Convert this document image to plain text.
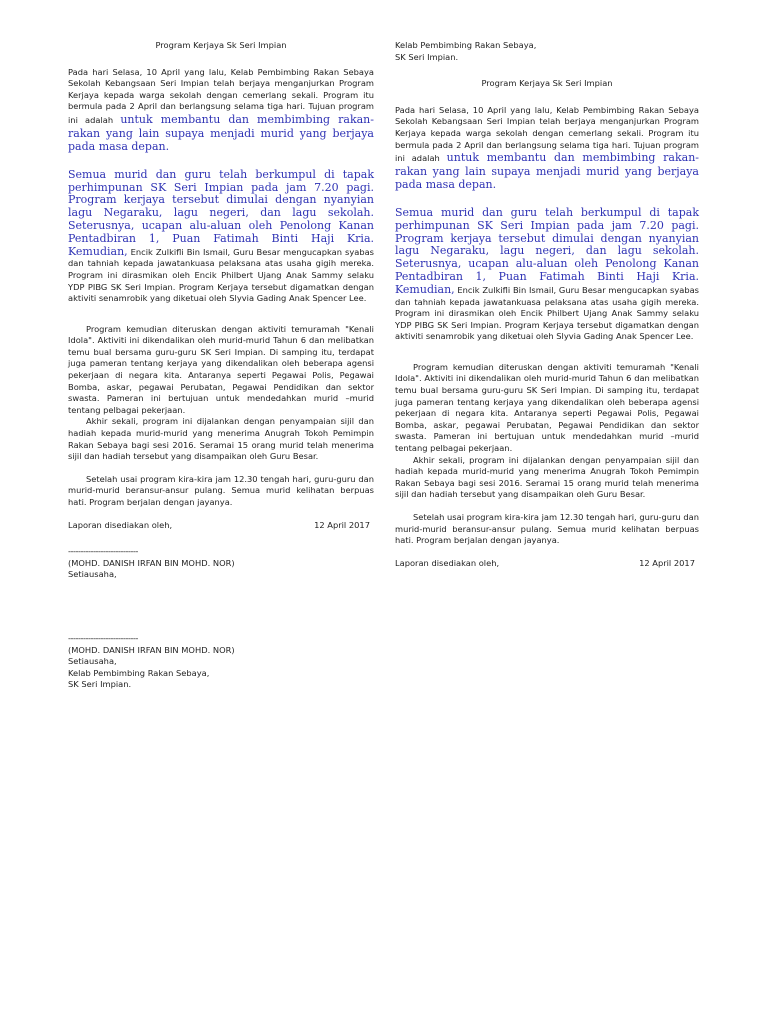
Program Kerjaya Sk Seri Impian

Pada hari Selasa, 10 April yang lalu, Kelab Pembimbing Rakan Sebaya Sekolah Kebangsaan Seri Impian telah berjaya menganjurkan Program Kerjaya kepada warga sekolah dengan cemerlang sekali. Program itu bermula pada 2 April dan berlangsung selama tiga hari. Tujuan program ini adalah untuk membantu dan membimbing rakan-rakan yang lain supaya menjadi murid yang berjaya pada masa depan.

Semua murid dan guru telah berkumpul di tapak perhimpunan SK Seri Impian pada jam 7.20 pagi. Program kerjaya tersebut dimulai dengan nyanyian lagu Negaraku, lagu negeri, dan lagu sekolah. Seterusnya, ucapan alu-aluan oleh Penolong Kanan Pentadbiran 1, Puan Fatimah Binti Haji Kria. Kemudian, Encik Zulkifli Bin Ismail, Guru Besar mengucapkan syabas dan tahniah kepada jawatankuasa pelaksana atas usaha gigih mereka. Program ini dirasmikan oleh Encik Philbert Ujang Anak Sammy selaku YDP PIBG SK Seri Impian. Program Kerjaya tersebut digamatkan dengan aktiviti senamrobik yang diketuai oleh Slyvia Gading Anak Spencer Lee.

Program kemudian diteruskan dengan aktiviti temuramah "Kenali Idola". Aktiviti ini dikendalikan oleh murid-murid Tahun 6 dan melibatkan temu bual bersama guru-guru SK Seri Impian. Di samping itu, terdapat juga pameran tentang kerjaya yang dikendalikan oleh beberapa agensi pekerjaan di negara kita. Antaranya seperti Pegawai Polis, Pegawai Bomba, askar, pegawai Perubatan, Pegawai Pendidikan dan sektor swasta. Pameran ini bertujuan untuk mendedahkan murid –murid tentang pelbagai pekerjaan.

Akhir sekali, program ini dijalankan dengan penyampaian sijil dan hadiah kepada murid-murid yang menerima Anugrah Tokoh Pemimpin Rakan Sebaya bagi sesi 2016. Seramai 15 orang murid telah menerima sijil dan hadiah tersebut yang disampaikan oleh Guru Besar.

Setelah usai program kira-kira jam 12.30 tengah hari, guru-guru dan murid-murid beransur-ansur pulang. Semua murid kelihatan berpuas hati. Program berjalan dengan jayanya.

Laporan disediakan oleh,	12 April 2017

----------------------------

(MOHD. DANISH IRFAN BIN MOHD. NOR)

Setiausaha,

----------------------------

(MOHD. DANISH IRFAN BIN MOHD. NOR)

Setiausaha,

Kelab Pembimbing Rakan Sebaya,

SK Seri Impian.

Kelab Pembimbing Rakan Sebaya,

SK Seri Impian.

Program Kerjaya Sk Seri Impian

Pada hari Selasa, 10 April yang lalu, Kelab Pembimbing Rakan Sebaya Sekolah Kebangsaan Seri Impian telah berjaya menganjurkan Program Kerjaya kepada warga sekolah dengan cemerlang sekali. Program itu bermula pada 2 April dan berlangsung selama tiga hari. Tujuan program ini adalah untuk membantu dan membimbing rakan-rakan yang lain supaya menjadi murid yang berjaya pada masa depan.

Semua murid dan guru telah berkumpul di tapak perhimpunan SK Seri Impian pada jam 7.20 pagi. Program kerjaya tersebut dimulai dengan nyanyian lagu Negaraku, lagu negeri, dan lagu sekolah. Seterusnya, ucapan alu-aluan oleh Penolong Kanan Pentadbiran 1, Puan Fatimah Binti Haji Kria. Kemudian, Encik Zulkifli Bin Ismail, Guru Besar mengucapkan syabas dan tahniah kepada jawatankuasa pelaksana atas usaha gigih mereka. Program ini dirasmikan oleh Encik Philbert Ujang Anak Sammy selaku YDP PIBG SK Seri Impian. Program Kerjaya tersebut digamatkan dengan aktiviti senamrobik yang diketuai oleh Slyvia Gading Anak Spencer Lee.

Program kemudian diteruskan dengan aktiviti temuramah "Kenali Idola". Aktiviti ini dikendalikan oleh murid-murid Tahun 6 dan melibatkan temu bual bersama guru-guru SK Seri Impian. Di samping itu, terdapat juga pameran tentang kerjaya yang dikendalikan oleh beberapa agensi pekerjaan di negara kita. Antaranya seperti Pegawai Polis, Pegawai Bomba, askar, pegawai Perubatan, Pegawai Pendidikan dan sektor swasta. Pameran ini bertujuan untuk mendedahkan murid –murid tentang pelbagai pekerjaan.

Akhir sekali, program ini dijalankan dengan penyampaian sijil dan hadiah kepada murid-murid yang menerima Anugrah Tokoh Pemimpin Rakan Sebaya bagi sesi 2016. Seramai 15 orang murid telah menerima sijil dan hadiah tersebut yang disampaikan oleh Guru Besar.

Setelah usai program kira-kira jam 12.30 tengah hari, guru-guru dan murid-murid beransur-ansur pulang. Semua murid kelihatan berpuas hati. Program berjalan dengan jayanya.

Laporan disediakan oleh,	12 April 2017
